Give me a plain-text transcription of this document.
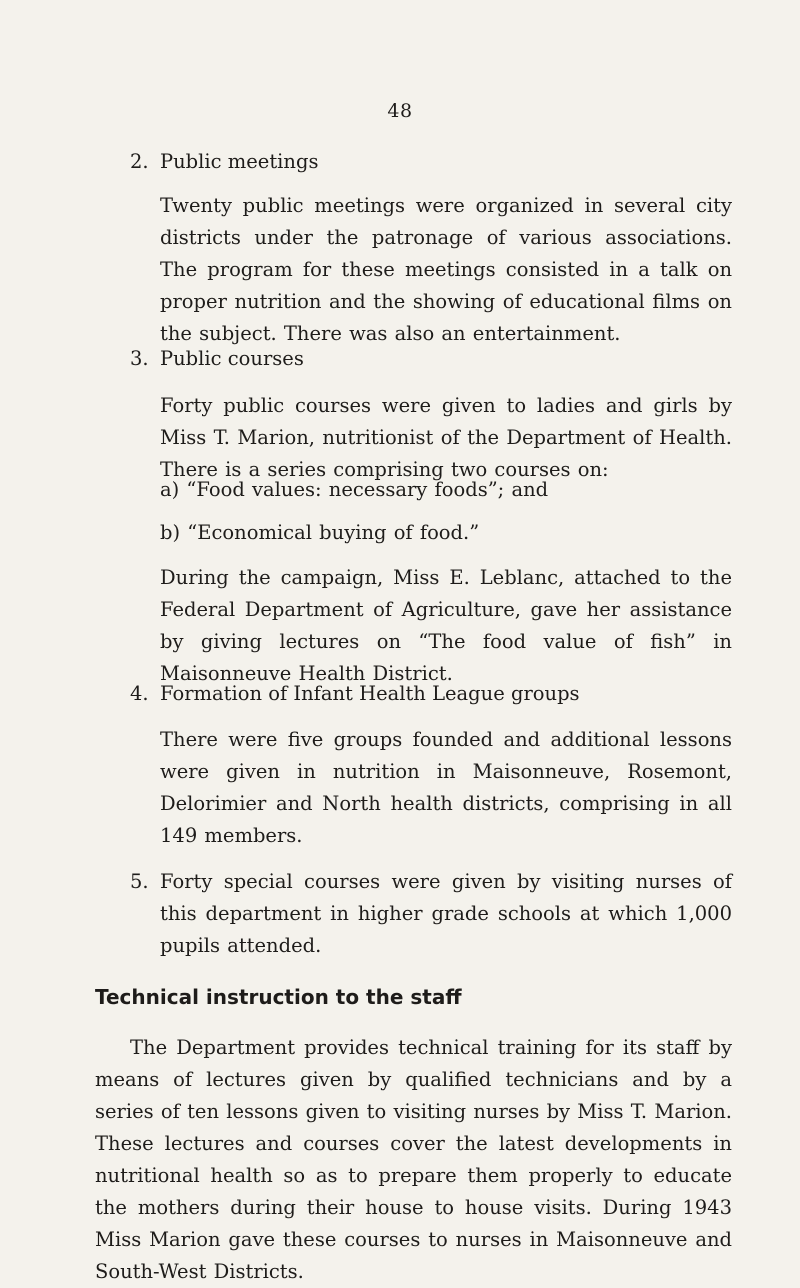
48
2. Public meetings
Twenty public meetings were organized in several city districts under the patronage of various associations. The program for these meetings consisted in a talk on proper nutrition and the showing of educational films on the subject. There was also an entertainment.
3. Public courses
Forty public courses were given to ladies and girls by Miss T. Marion, nutritionist of the Department of Health. There is a series comprising two courses on:
a) “Food values: necessary foods”; and
b) “Economical buying of food.”
During the campaign, Miss E. Leblanc, attached to the Federal Department of Agriculture, gave her assistance by giving lectures on “The food value of fish” in Maisonneuve Health District.
4. Formation of Infant Health League groups
There were five groups founded and additional lessons were given in nutrition in Maisonneuve, Rosemont, Delorimier and North health districts, comprising in all 149 members.
5. Forty special courses were given by visiting nurses of this department in higher grade schools at which 1,000 pupils attended.
Technical instruction to the staff
The Department provides technical training for its staff by means of lectures given by qualified technicians and by a series of ten lessons given to visiting nurses by Miss T. Marion. These lectures and courses cover the latest developments in nutritional health so as to prepare them properly to educate the mothers during their house to house visits. During 1943 Miss Marion gave these courses to nurses in Maisonneuve and South-West Districts.
